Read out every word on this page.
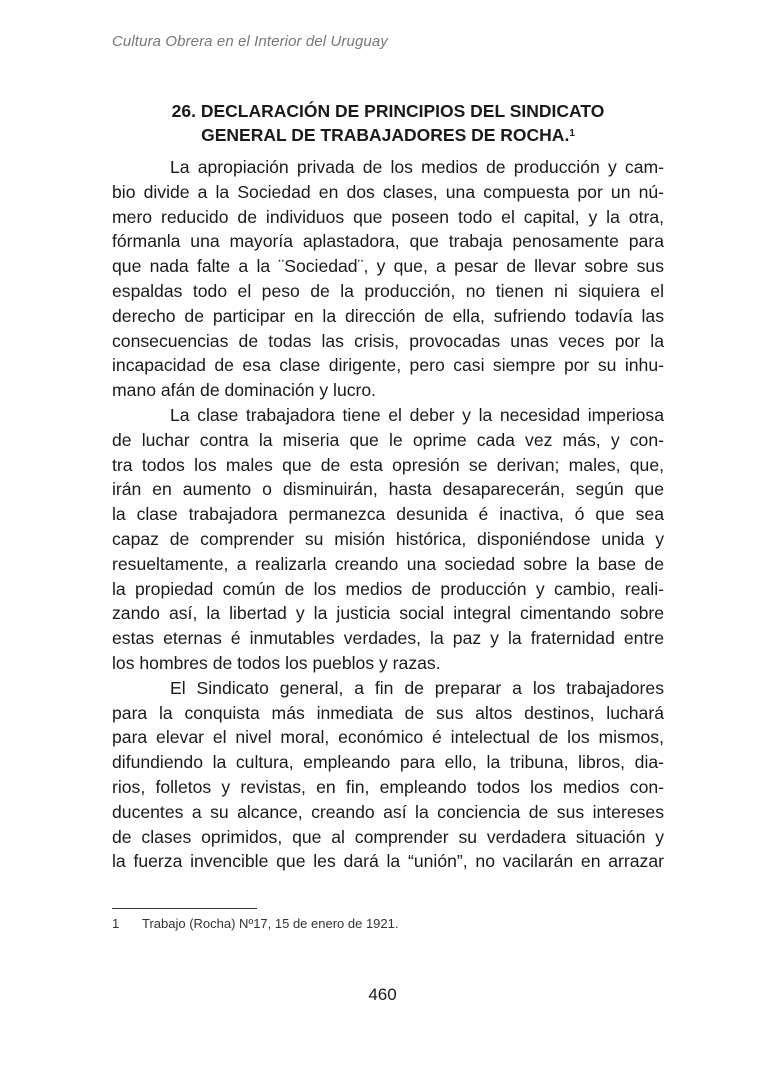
Cultura Obrera en el Interior del Uruguay
26. DECLARACIÓN DE PRINCIPIOS DEL SINDICATO
GENERAL DE TRABAJADORES DE ROCHA.$^1$
La apropiación privada de los medios de producción y cam-
bio divide a la Sociedad en dos clases, una compuesta por un nú-
mero reducido de individuos que poseen todo el capital, y la otra,
fórmanla una mayoría aplastadora, que trabaja penosamente para
que nada falte a la ¨Sociedad¨, y que, a pesar de llevar sobre sus
espaldas todo el peso de la producción, no tienen ni siquiera el
derecho de participar en la dirección de ella, sufriendo todavía las
consecuencias de todas las crisis, provocadas unas veces por la
incapacidad de esa clase dirigente, pero casi siempre por su inhu-
mano afán de dominación y lucro.
La clase trabajadora tiene el deber y la necesidad imperiosa
de luchar contra la miseria que le oprime cada vez más, y con-
tra todos los males que de esta opresión se derivan; males, que,
irán en aumento o disminuirán, hasta desaparecerán, según que
la clase trabajadora permanezca desunida é inactiva, ó que sea
capaz de comprender su misión histórica, disponiéndose unida y
resueltamente, a realizarla creando una sociedad sobre la base de
la propiedad común de los medios de producción y cambio, reali-
zando así, la libertad y la justicia social integral cimentando sobre
estas eternas é inmutables verdades, la paz y la fraternidad entre
los hombres de todos los pueblos y razas.
El Sindicato general, a fin de preparar a los trabajadores
para la conquista más inmediata de sus altos destinos, luchará
para elevar el nivel moral, económico é intelectual de los mismos,
difundiendo la cultura, empleando para ello, la tribuna, libros, dia-
rios, folletos y revistas, en fin, empleando todos los medios con-
ducentes a su alcance, creando así la conciencia de sus intereses
de clases oprimidos, que al comprender su verdadera situación y
la fuerza invencible que les dará la “unión”, no vacilarán en arrazar
1 Trabajo (Rocha) Nº17, 15 de enero de 1921.
460
